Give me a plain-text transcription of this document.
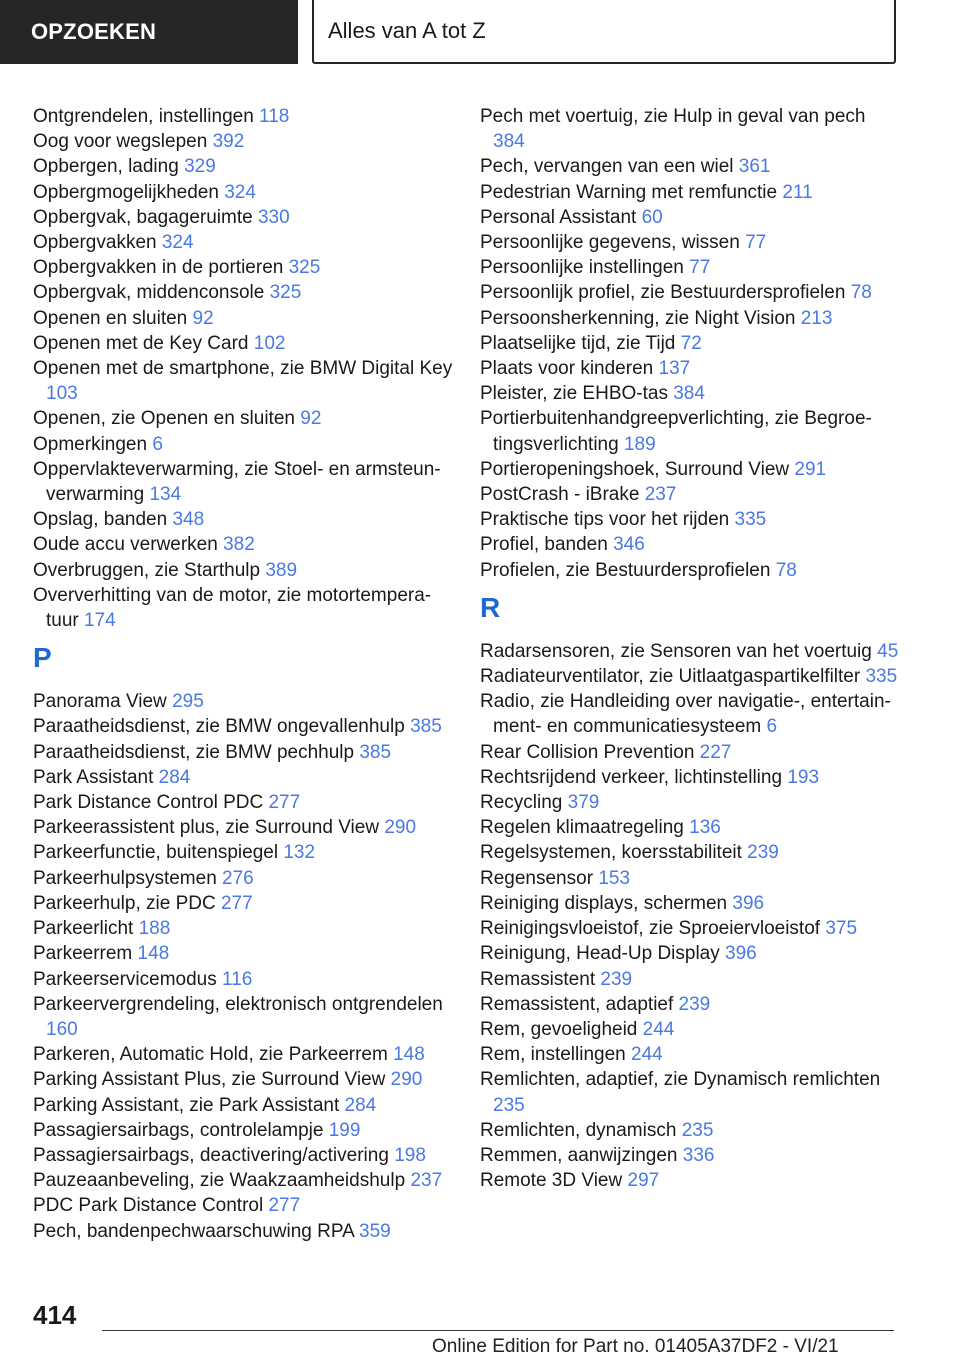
OPZOEKEN	Alles van A tot Z
Ontgrendelen, instellingen 118
Oog voor wegslepen 392
Opbergen, lading 329
Opbergmogelijkheden 324
Opbergvak, bagageruimte 330
Opbergvakken 324
Opbergvakken in de portieren 325
Opbergvak, middenconsole 325
Openen en sluiten 92
Openen met de Key Card 102
Openen met de smartphone, zie BMW Digital Key 103
Openen, zie Openen en sluiten 92
Opmerkingen 6
Oppervlakteverwarming, zie Stoel- en armsteunverwarming 134
Opslag, banden 348
Oude accu verwerken 382
Overbruggen, zie Starthulp 389
Oververhitting van de motor, zie motortemperatuur 174
P
Panorama View 295
Paraatheidsdienst, zie BMW ongevallenhulp 385
Paraatheidsdienst, zie BMW pechhulp 385
Park Assistant 284
Park Distance Control PDC 277
Parkeerassistent plus, zie Surround View 290
Parkeerfunctie, buitenspiegel 132
Parkeerhulpsystemen 276
Parkeerhulp, zie PDC 277
Parkeerlicht 188
Parkeerrem 148
Parkeerservicemodus 116
Parkeervergrendeling, elektronisch ontgrendelen 160
Parkeren, Automatic Hold, zie Parkeerrem 148
Parking Assistant Plus, zie Surround View 290
Parking Assistant, zie Park Assistant 284
Passagiersairbags, controlelampje 199
Passagiersairbags, deactivering/activering 198
Pauzeaanbeveling, zie Waakzaamheidshulp 237
PDC Park Distance Control 277
Pech, bandenpechwaarschuwing RPA 359
Pech met voertuig, zie Hulp in geval van pech 384
Pech, vervangen van een wiel 361
Pedestrian Warning met remfunctie 211
Personal Assistant 60
Persoonlijke gegevens, wissen 77
Persoonlijke instellingen 77
Persoonlijk profiel, zie Bestuurdersprofielen 78
Persoonsherkenning, zie Night Vision 213
Plaatselijke tijd, zie Tijd 72
Plaats voor kinderen 137
Pleister, zie EHBO-tas 384
Portierbuitenhandgreepverlichting, zie Begroetingsverlichting 189
Portieropeningshoek, Surround View 291
PostCrash - iBrake 237
Praktische tips voor het rijden 335
Profiel, banden 346
Profielen, zie Bestuurdersprofielen 78
R
Radarsensoren, zie Sensoren van het voertuig 45
Radiateurventilator, zie Uitlaatgaspartikelfilter 335
Radio, zie Handleiding over navigatie-, entertainment- en communicatiesysteem 6
Rear Collision Prevention 227
Rechtsrijdend verkeer, lichtinstelling 193
Recycling 379
Regelen klimaatregeling 136
Regelsystemen, koersstabiliteit 239
Regensensor 153
Reiniging displays, schermen 396
Reinigingsvloeistof, zie Sproeiervloeistof 375
Reinigung, Head-Up Display 396
Remassistent 239
Remassistent, adaptief 239
Rem, gevoeligheid 244
Rem, instellingen 244
Remlichten, adaptief, zie Dynamisch remlichten 235
Remlichten, dynamisch 235
Remmen, aanwijzingen 336
Remote 3D View 297
414
Online Edition for Part no. 01405A37DF2 - VI/21
